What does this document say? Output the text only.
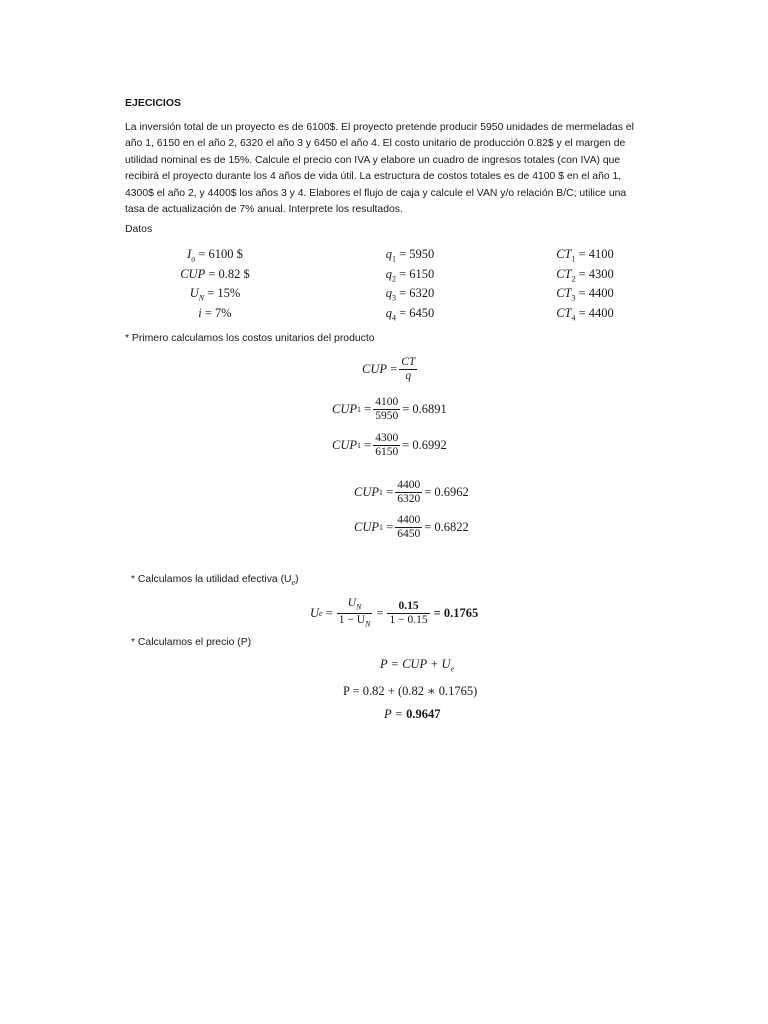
EJECICIOS
La inversión total de un proyecto es de 6100$. El proyecto pretende producir 5950 unidades de mermeladas el
año 1, 6150 en el año 2, 6320 el año 3 y 6450 el año 4. El costo unitario de producción 0.82$ y el margen de
utilidad nominal es de 15%. Calcule el precio con IVA y elabore un cuadro de ingresos totales (con IVA) que
recibirá el proyecto durante los 4 años de vida útil. La estructura de costos totales es de 4100 $ en el año 1,
4300$ el año 2, y 4400$ los años 3 y 4. Elabores el flujo de caja y calcule el VAN y/o relación B/C; utilice una
tasa de actualización de 7% anual. Interprete los resultados.
Datos
$I_o = 6100$ $
CUP = 0.82 $
$U_N = 15\%$
i = 7%
$q_1 = 5950$
$q_2 = 6150$
$q_3 = 6320$
$q_4 = 6450$
$CT_1 = 4100$
$CT_2 = 4300$
$CT_3 = 4400$
$CT_4 = 4400$
* Primero calculamos los costos unitarios del producto
CUP
= $\frac{CT}{q}$
CUP $1 = \frac{4100}{5950} = 0.6891$
CUP $1 = \frac{4300}{6150} = 0.6992$
CUP $1 = \frac{4400}{6320} = 0.6962$
CUP $1 = \frac{4400}{6450} = 0.6822$
* Calculamos la utilidad efectiva $(U_e)$
U e
= $\frac{U_N}{1 - U_N} = \frac{0.15}{1 - 0.15} = 0.1765$
* Calculamos el precio (P)
P = CUP + $U_e$
P = 0.82 + (0.82 ∗ 0.1765)
P = 0.9647
